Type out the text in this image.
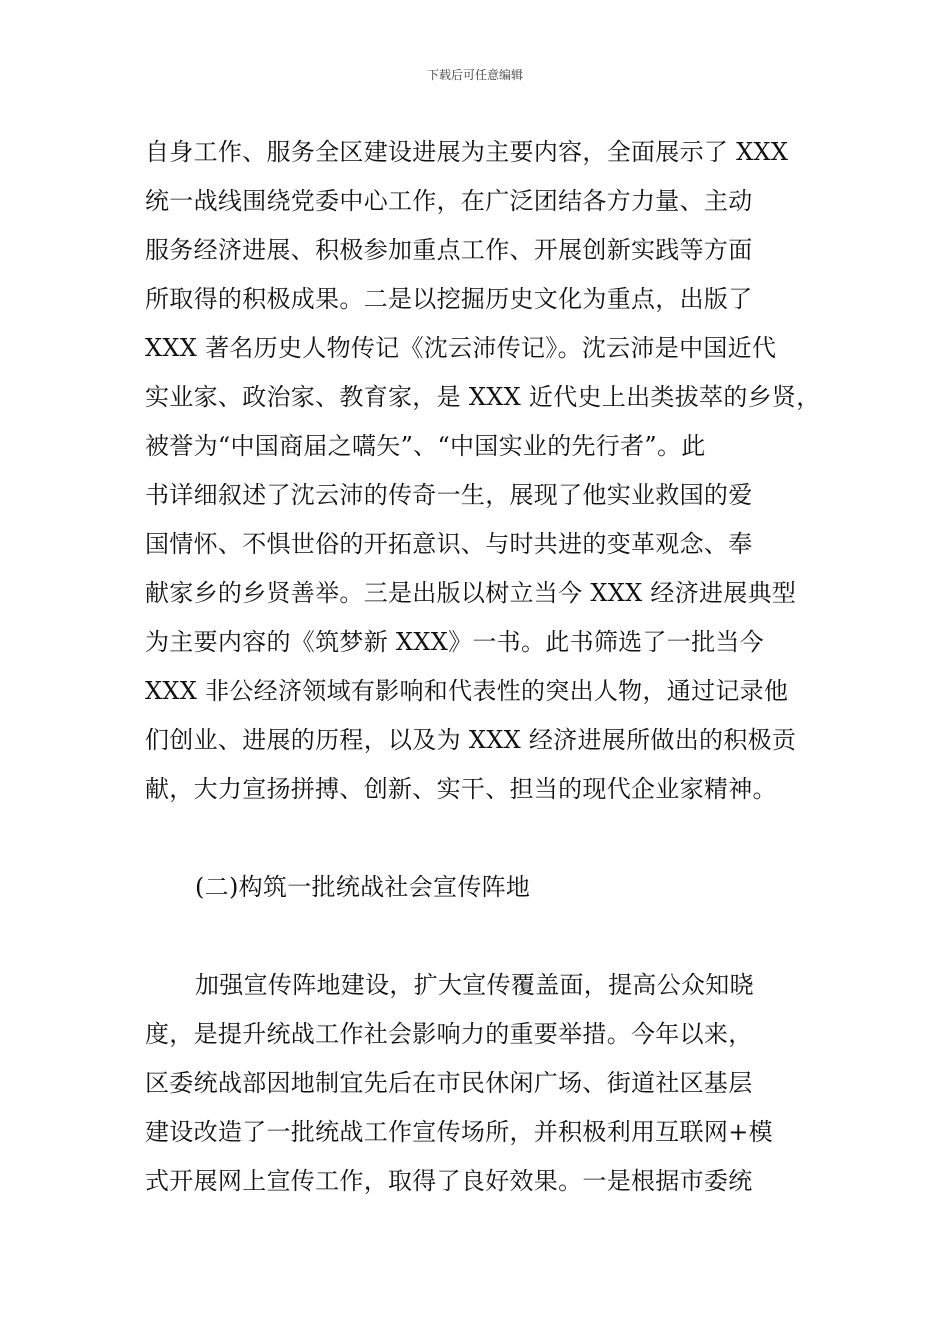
下载后可任意编辑
自身工作、服务全区建设进展为主要内容，全面展示了 XXX
统一战线围绕党委中心工作，在广泛团结各方力量、主动
服务经济进展、积极参加重点工作、开展创新实践等方面
所取得的积极成果。二是以挖掘历史文化为重点，出版了
XXX 著名历史人物传记《沈云沛传记》。沈云沛是中国近代
实业家、政治家、教育家，是 XXX 近代史上出类拔萃的乡贤，
被誉为“中国商届之嚆矢”、“中国实业的先行者”。此
书详细叙述了沈云沛的传奇一生，展现了他实业救国的爱
国情怀、不惧世俗的开拓意识、与时共进的变革观念、奉
献家乡的乡贤善举。三是出版以树立当今 XXX 经济进展典型
为主要内容的《筑梦新 XXX》一书。此书筛选了一批当今
XXX 非公经济领域有影响和代表性的突出人物，通过记录他
们创业、进展的历程，以及为 XXX 经济进展所做出的积极贡
献，大力宣扬拼搏、创新、实干、担当的现代企业家精神。
(二)构筑一批统战社会宣传阵地
加强宣传阵地建设，扩大宣传覆盖面，提高公众知晓
度，是提升统战工作社会影响力的重要举措。今年以来，
区委统战部因地制宜先后在市民休闲广场、街道社区基层
建设改造了一批统战工作宣传场所，并积极利用互联网+模
式开展网上宣传工作，取得了良好效果。一是根据市委统
